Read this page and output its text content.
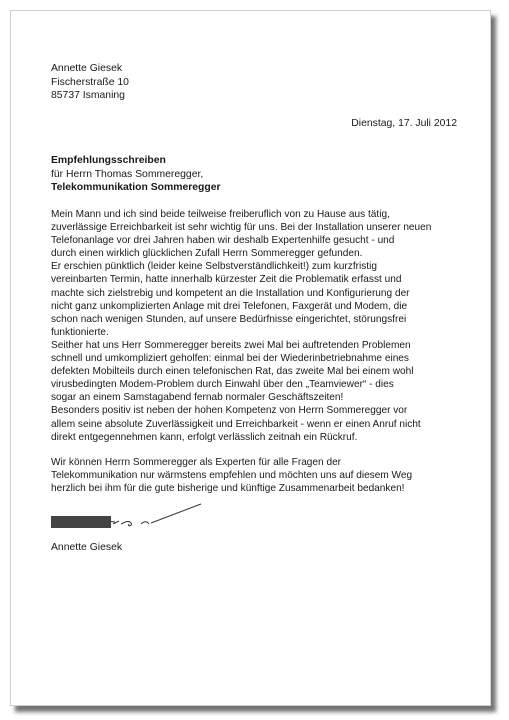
Annette Giesek
Fischerstraße 10
85737 Ismaning
Dienstag, 17. Juli 2012
Empfehlungsschreiben
für Herrn Thomas Sommeregger,
Telekommunikation Sommeregger

Mein Mann und ich sind beide teilweise freiberuflich von zu Hause aus tätig,
zuverlässige Erreichbarkeit ist sehr wichtig für uns. Bei der Installation unserer neuen
Telefonanlage vor drei Jahren haben wir deshalb Expertenhilfe gesucht - und
durch einen wirklich glücklichen Zufall Herrn Sommeregger gefunden.
Er erschien pünktlich (leider keine Selbstverständlichkeit!) zum kurzfristig
vereinbarten Termin, hatte innerhalb kürzester Zeit die Problematik erfasst und
machte sich zielstrebig und kompetent an die Installation und Konfigurierung der
nicht ganz unkomplizierten Anlage mit drei Telefonen, Faxgerät und Modem, die
schon nach wenigen Stunden, auf unsere Bedürfnisse eingerichtet, störungsfrei
funktionierte.
Seither hat uns Herr Sommeregger bereits zwei Mal bei auftretenden Problemen
schnell und umkompliziert geholfen: einmal bei der Wiederinbetriebnahme eines
defekten Mobilteils durch einen telefonischen Rat, das zweite Mal bei einem wohl
virusbedingten Modem-Problem durch Einwahl über den „Teamviewer“ - dies
sogar an einem Samstagabend fernab normaler Geschäftszeiten!
Besonders positiv ist neben der hohen Kompetenz von Herrn Sommeregger vor
allem seine absolute Zuverlässigkeit und Erreichbarkeit - wenn er einen Anruf nicht
direkt entgegennehmen kann, erfolgt verlässlich zeitnah ein Rückruf.

Wir können Herrn Sommeregger als Experten für alle Fragen der
Telekommunikation nur wärmstens empfehlen und möchten uns auf diesem Weg
herzlich bei ihm für die gute bisherige und künftige Zusammenarbeit bedanken!

Annette Giesek
